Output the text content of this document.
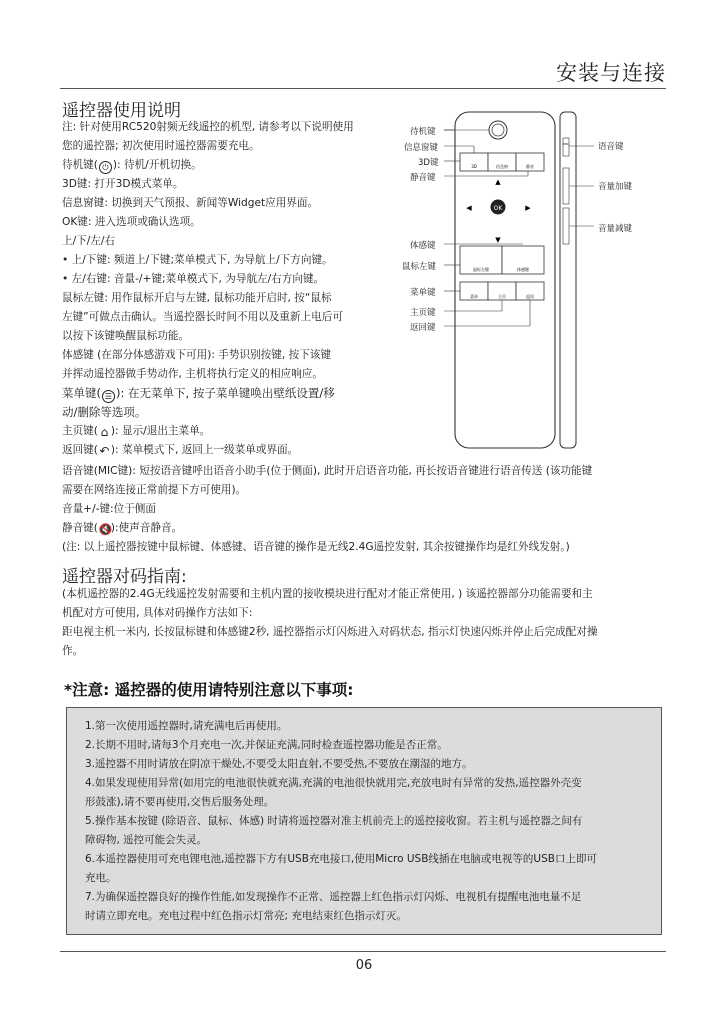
安装与连接
遥控器使用说明
注: 针对使用RC520射频无线遥控的机型, 请参考以下说明使用
您的遥控器; 初次使用时遥控器需要充电。
待机键( ⏻ ): 待机/开机切换。
3D键: 打开3D模式菜单。
信息窗键: 切换到天气预报、新闻等Widget应用界面。
OK键: 进入选项或确认选项。
上/下/左/右
• 上/下键: 频道上/下键;菜单模式下, 为导航上/下方向键。
• 左/右键: 音量-/+键;菜单模式下, 为导航左/右方向键。
鼠标左键: 用作鼠标开启与左键, 鼠标功能开启时, 按“鼠标
左键”可做点击确认。当遥控器长时间不用以及重新上电后可
以按下该键唤醒鼠标功能。
体感键 (在部分体感游戏下可用): 手势识别按键, 按下该键
并挥动遥控器做手势动作, 主机将执行定义的相应响应。
菜单键( ☰ ): 在无菜单下, 按子菜单键唤出壁纸设置/移
动/删除等选项。
主页键( ⌂ ): 显示/退出主菜单。
返回键(↶): 菜单模式下, 返回上一级菜单或界面。
语音键(MIC键): 短按语音键呼出语音小助手(位于侧面), 此时开启语音功能, 再长按语音键进行语音传送 (该功能键
需要在网络连接正常前提下方可使用)。
音量+/-键:位于侧面
静音键(🔇):使声音静音。
(注: 以上遥控器按键中鼠标键、体感键、语音键的操作是无线2.4G遥控发射, 其余按键操作均是红外线发射。)
3D	信息窗	静音
▲
▼
◀	▶
OK
鼠标左键	体感键
菜单	主页	返回
MIC
待机键
信息窗键
3D键
静音键
体感键
鼠标左键
菜单键
主页键
返回键
语音键
音量加键
音量减键
遥控器对码指南:
(本机遥控器的2.4G无线遥控发射需要和主机内置的接收模块进行配对才能正常使用, ) 该遥控器部分功能需要和主
机配对方可使用, 具体对码操作方法如下:
距电视主机一米内, 长按鼠标键和体感键2秒, 遥控器指示灯闪烁进入对码状态, 指示灯快速闪烁并停止后完成配对操
作。
*注意: 遥控器的使用请特别注意以下事项:
1.第一次使用遥控器时,请充满电后再使用。
2.长期不用时,请每3个月充电一次,并保证充满,同时检查遥控器功能是否正常。
3.遥控器不用时请放在阴凉干燥处,不要受太阳直射,不要受热,不要放在潮湿的地方。
4.如果发现使用异常(如用完的电池很快就充满,充满的电池很快就用完,充放电时有异常的发热,遥控器外壳变
形鼓涨),请不要再使用,交售后服务处理。
5.操作基本按键 (除语音、鼠标、体感) 时请将遥控器对准主机前壳上的遥控接收窗。若主机与遥控器之间有
障碍物, 遥控可能会失灵。
6.本遥控器使用可充电锂电池,遥控器下方有USB充电接口,使用Micro USB线插在电脑或电视等的USB口上即可
充电。
7.为确保遥控器良好的操作性能,如发现操作不正常、遥控器上红色指示灯闪烁、电视机有提醒电池电量不足
时请立即充电。充电过程中红色指示灯常亮; 充电结束红色指示灯灭。
06
